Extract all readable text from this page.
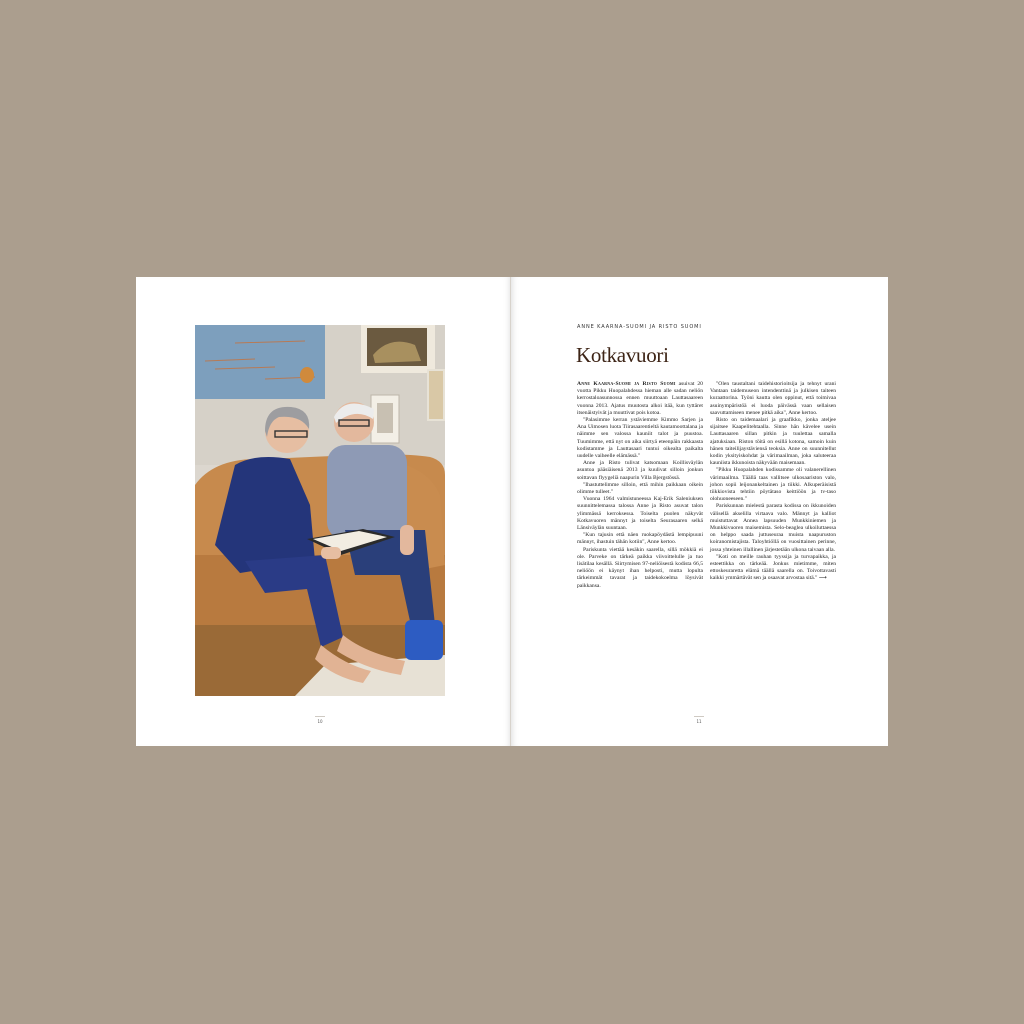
10	11
ANNE KAARNA-SUOMI JA RISTO SUOMI
Kotkavuori

Anne Kaarna-Suomi ja Risto Suomi asuivat 20 vuotta Pikku Huopalahdessa hieman alle sadan neliön kerrostaloasunnossa ennen muuttoaan Lauttasaareen vuonna 2013. Ajatus muutosta alkoi itää, kun tyttäret itsenäistyivät ja muuttivat pois kotoa.

"Palasimme kerran ystäviemme Kimmo Sarjen ja Ana Uimosen luota Tiirasaarentieltä kautamoottalana ja näimme sen valossa kauniit talot ja puustoa. Tuumimme, että nyt on aika siirtyä eteenpäin rakkaasta kodistamme ja Lauttasaari tuntui oikealta paikalta uudelle vaiheelle elämässä."

Anne ja Risto tulivat katsomaan Koillisväylän asuntoa pääsiäisenä 2013 ja kuulivat silloin jonkun soittavan flyygeliä naapurin Villa Bjergstössä.

"Ihastuttelimme silloin, että mihin paikkaan oikein olimme tulleet."

Vuonna 1964 valmistuneessa Kaj-Erik Saleniuksen suunnittelemassa talossa Anne ja Risto asuvat talon ylimmässä kerroksessa. Toiselta puolen näkyvät Kotkavuoren männyt ja toiselta Seurasaaren selkä Länsiväylän suuntaan.

"Kun tajusin että näen ruokapöydästä lempipuuni männyt, ihastuin tähän kotiin", Anne kertoo.

Pariskunta viettää kesäkin saarella, sillä mökkiä ei ole. Parveke on tärkeä paikka viivoittelulle ja tuo lisätilaa kesällä. Siirtymisen 97-neliöisestä kodista 66,5 neliöön ei käynyt ihan helposti, mutta lopulta tärkeimmät tavarat ja taidekokoelma löysivät paikkansa.

"Olen taustaltani taidehistorioitsija ja tehnyt urani Vantaan taidemuseon intendenttinä ja julkisen taiteen kuraattorina. Työni kautta olen oppinut, että toimivaa asuinympäristöä ei luoda päivässä vaan sellaisen saavuttamiseen menee pitkä aika", Anne kertoo.

Risto on taidemaalari ja graafikko, jonka ateljee sijaitsee Kaapelitehtaalla. Sinne hän kävelee usein Lauttasaaren sillan pitkin ja tuulettaa samalla ajatuksiaan. Riston töitä on esillä kotona, samoin kuin hänen taiteilijaystäviensä teoksia. Anne on suunnitellut kodin yksityiskohdat ja värimaailman, joka saluteeraa kauniista ikkunoista näkyvään maisemaan.

"Pikku Huopalahden kodissamme oli valanerellinen värimaailma. Täällä taas vallitsee ulkosaariston valo, johon sopii leijonankeltainen ja tiikki. Alkuperäisistä tiikkiovista tehtiin pöytätaso keittiöön ja tv-taso olohuoneeseen."

Pariskunnan mielestä parasta kodissa on ikkunoiden välisellä akselilla virtaava valo. Männyt ja kalliot muistuttavat Annea lapsuuden Munkkiniemen ja Munkkivuoren maisemista. Selo-beaglea ulkoiluttaessa on helppo saada juttuseuraa muista naapuruston koiranomistajista. Taloyhtiöllä on vuosittainen perinne, jossa yhteinen illallinen järjestetään ulkona taivaan alla.

"Koti on meille rauhan tyyssija ja turvapaikka, ja esteettikka on tärkeää. Jonkus mietimme, miten ettoskeuraretta elämä täällä saarella on. Toivottavasti kaikki ymmärtävät sen ja osaavat arvostaa sitä." ⟶
